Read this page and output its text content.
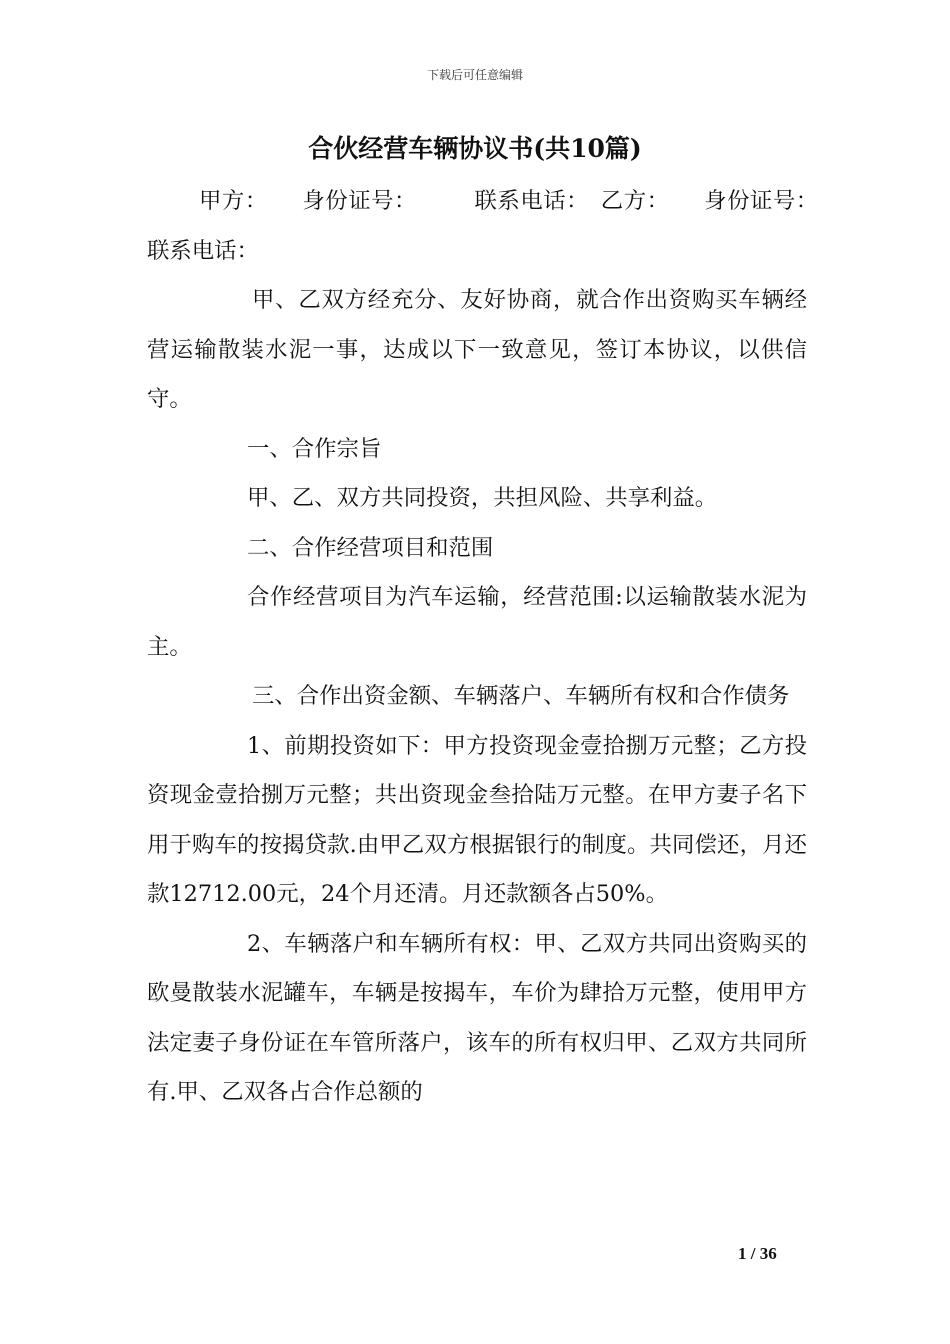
下载后可任意编辑
合伙经营车辆协议书(共10篇)

甲方：　　身份证号：　　　联系电话：　乙方：　　身份证号：　　　联系电话：

甲、乙双方经充分、友好协商，就合作出资购买车辆经营运输散装水泥一事，达成以下一致意见，签订本协议，以供信守。

一、合作宗旨

甲、乙、双方共同投资，共担风险、共享利益。

二、合作经营项目和范围

合作经营项目为汽车运输，经营范围:以运输散装水泥为主。

三、合作出资金额、车辆落户、车辆所有权和合作债务

1、前期投资如下：甲方投资现金壹拾捌万元整；乙方投资现金壹拾捌万元整；共出资现金叁拾陆万元整。在甲方妻子名下用于购车的按揭贷款.由甲乙双方根据银行的制度。共同偿还，月还款12712.00元，24个月还清。月还款额各占50%。

2、车辆落户和车辆所有权：甲、乙双方共同出资购买的欧曼散装水泥罐车，车辆是按揭车，车价为肆拾万元整，使用甲方法定妻子身份证在车管所落户，该车的所有权归甲、乙双方共同所有.甲、乙双各占合作总额的

1 / 36
